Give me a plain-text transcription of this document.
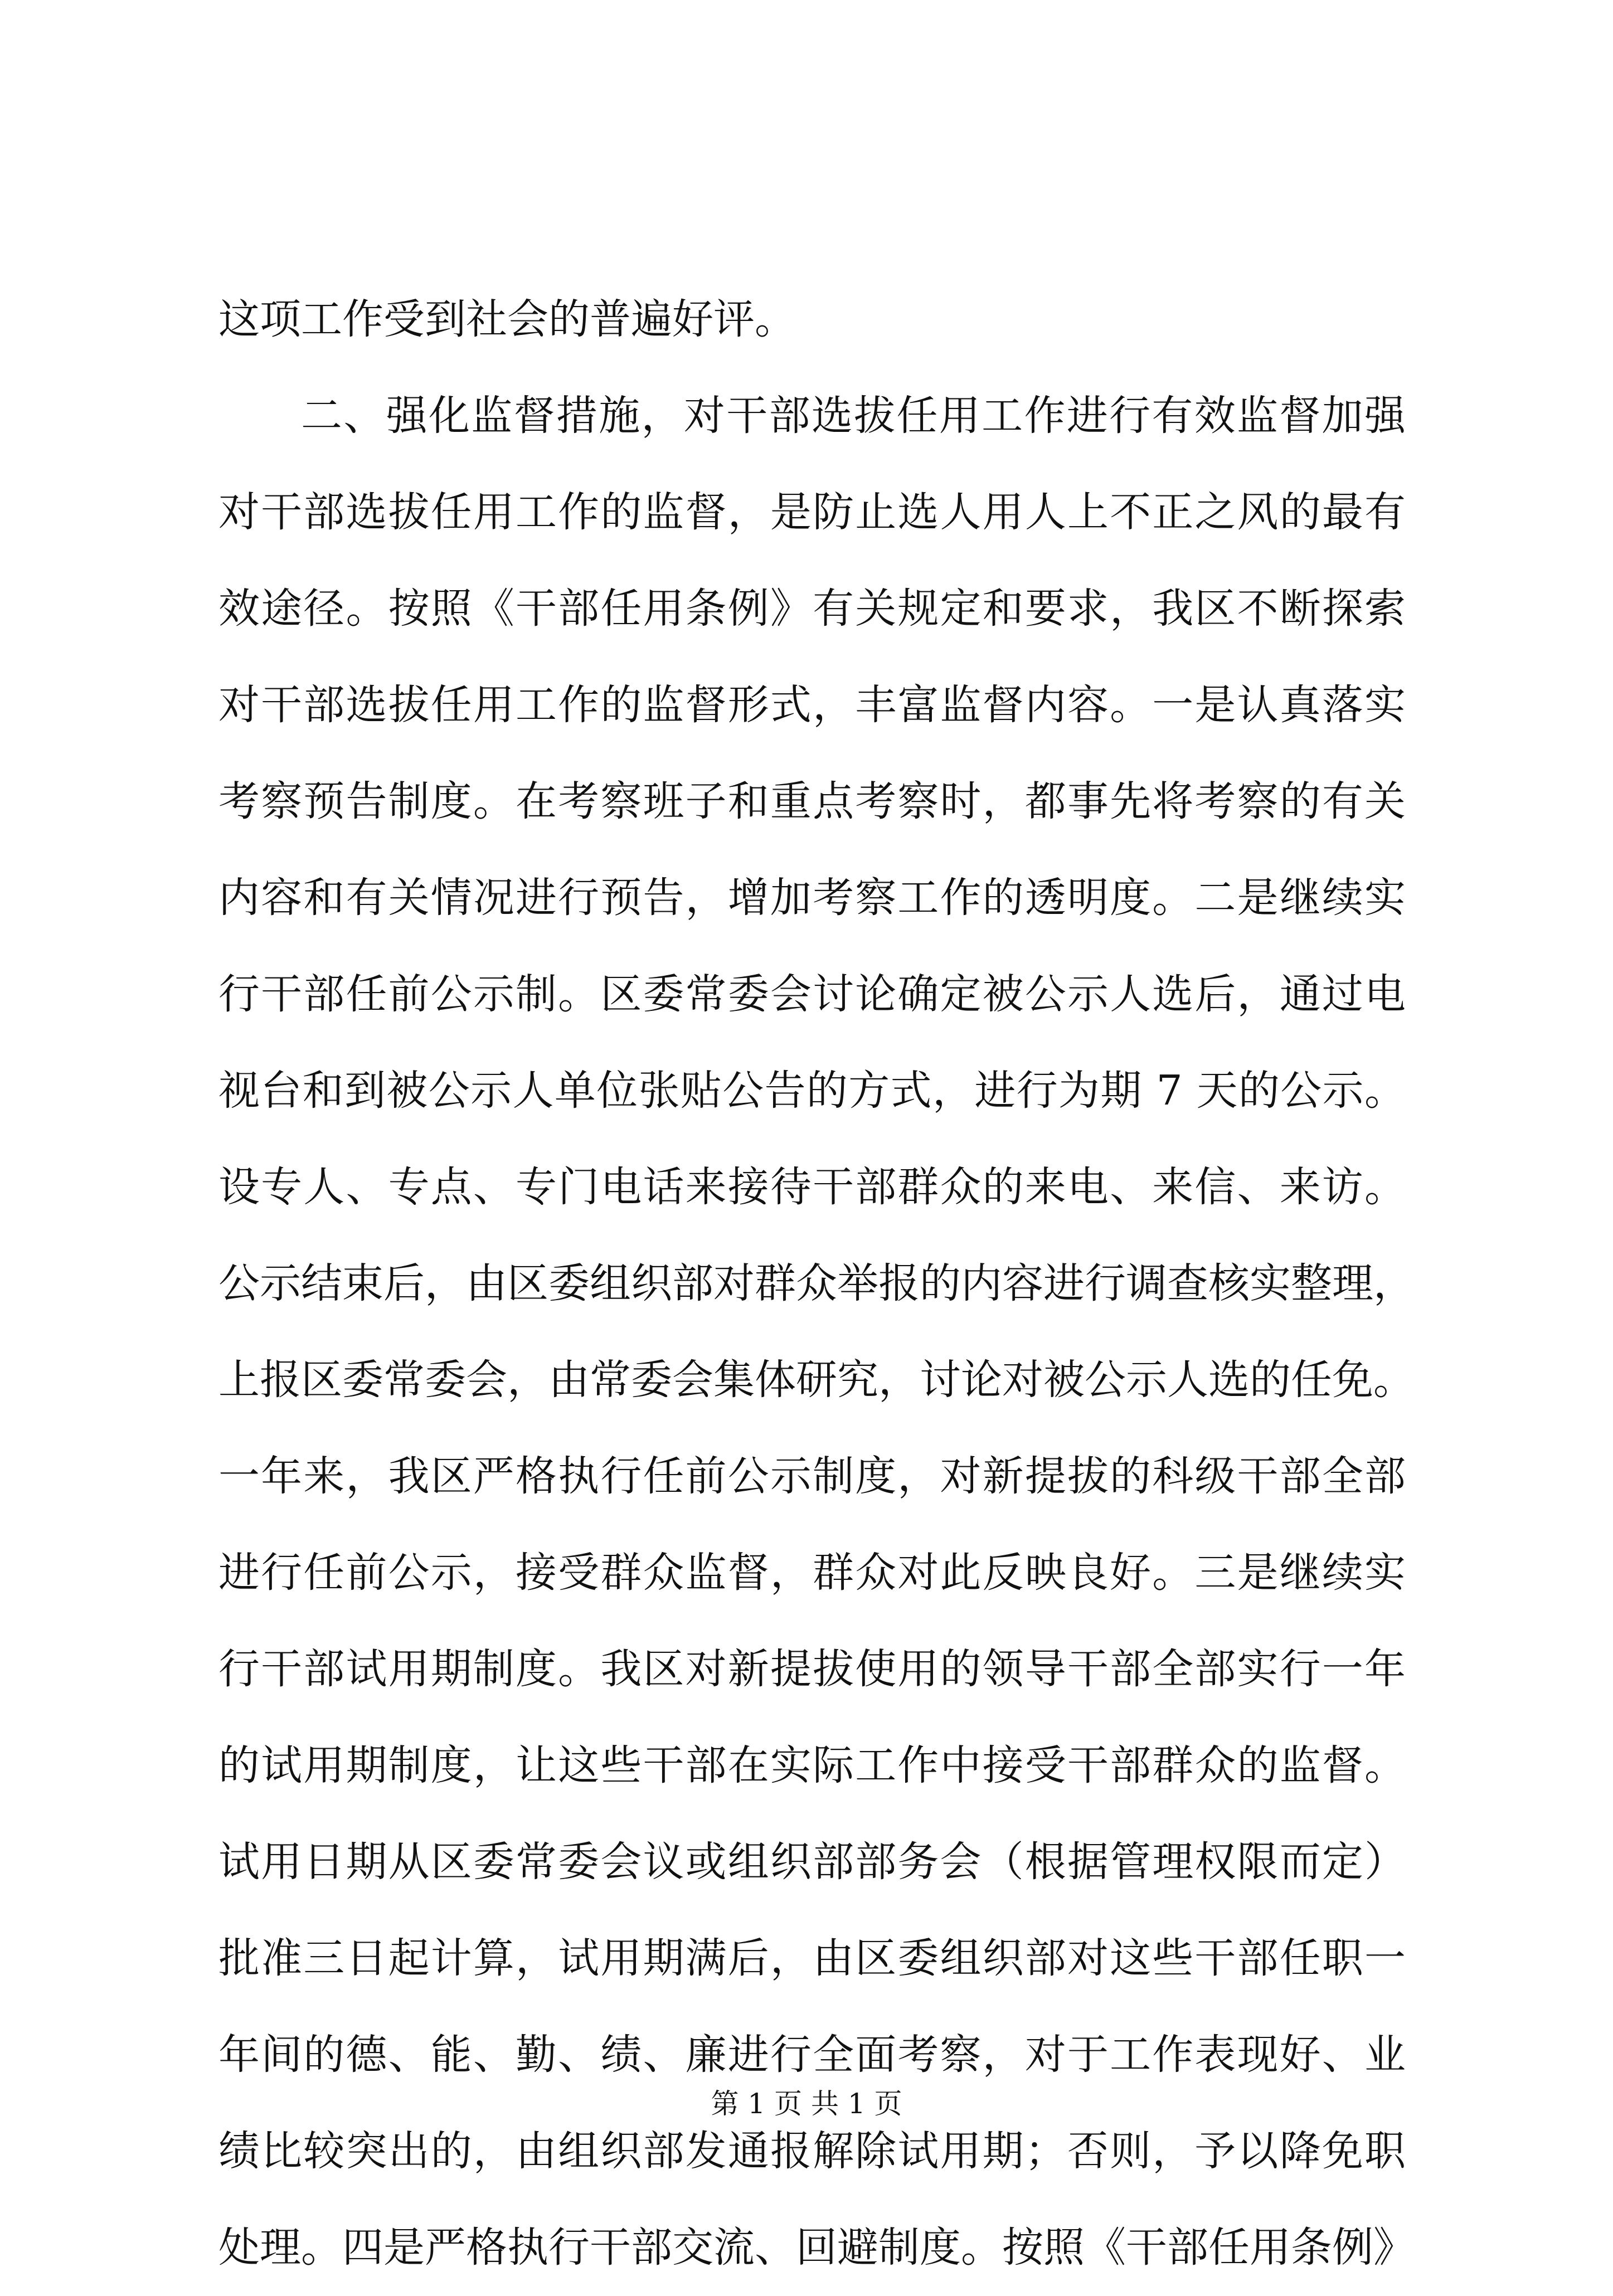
这项工作受到社会的普遍好评。
二、强化监督措施，对干部选拔任用工作进行有效监督加强
对干部选拔任用工作的监督，是防止选人用人上不正之风的最有
效途径。按照《干部任用条例》有关规定和要求，我区不断探索
对干部选拔任用工作的监督形式，丰富监督内容。一是认真落实
考察预告制度。在考察班子和重点考察时，都事先将考察的有关
内容和有关情况进行预告，增加考察工作的透明度。二是继续实
行干部任前公示制。区委常委会讨论确定被公示人选后，通过电
视台和到被公示人单位张贴公告的方式，进行为期 7 天的公示。
设专人、专点、专门电话来接待干部群众的来电、来信、来访。
公示结束后，由区委组织部对群众举报的内容进行调查核实整理，
上报区委常委会，由常委会集体研究，讨论对被公示人选的任免。
一年来，我区严格执行任前公示制度，对新提拔的科级干部全部
进行任前公示，接受群众监督，群众对此反映良好。三是继续实
行干部试用期制度。我区对新提拔使用的领导干部全部实行一年
的试用期制度，让这些干部在实际工作中接受干部群众的监督。
试用日期从区委常委会议或组织部部务会（根据管理权限而定）
批准三日起计算，试用期满后，由区委组织部对这些干部任职一
年间的德、能、勤、绩、廉进行全面考察，对于工作表现好、业
绩比较突出的，由组织部发通报解除试用期；否则，予以降免职
处理。四是严格执行干部交流、回避制度。按照《干部任用条例》
第 1 页 共 1 页
